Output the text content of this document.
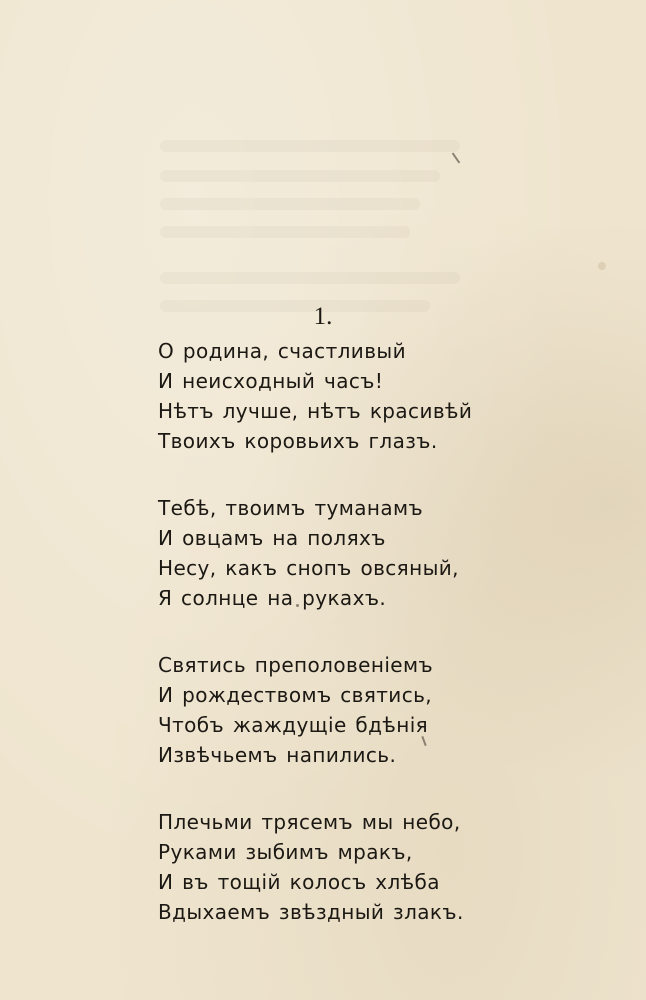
1.
О родина, счастливый
И неисходный часъ!
Нѣтъ лучше, нѣтъ красивѣй
Твоихъ коровьихъ глазъ.
Тебѣ, твоимъ туманамъ
И овцамъ на поляхъ
Несу, какъ снопъ овсяный,
Я солнце на рукахъ.
Святись преполовенiемъ
И рождествомъ святись,
Чтобъ жаждущiе бдѣнiя
Извѣчьемъ напились.
Плечьми трясемъ мы небо,
Руками зыбимъ мракъ,
И въ тощiй колосъ хлѣба
Вдыхаемъ звѣздный злакъ.
